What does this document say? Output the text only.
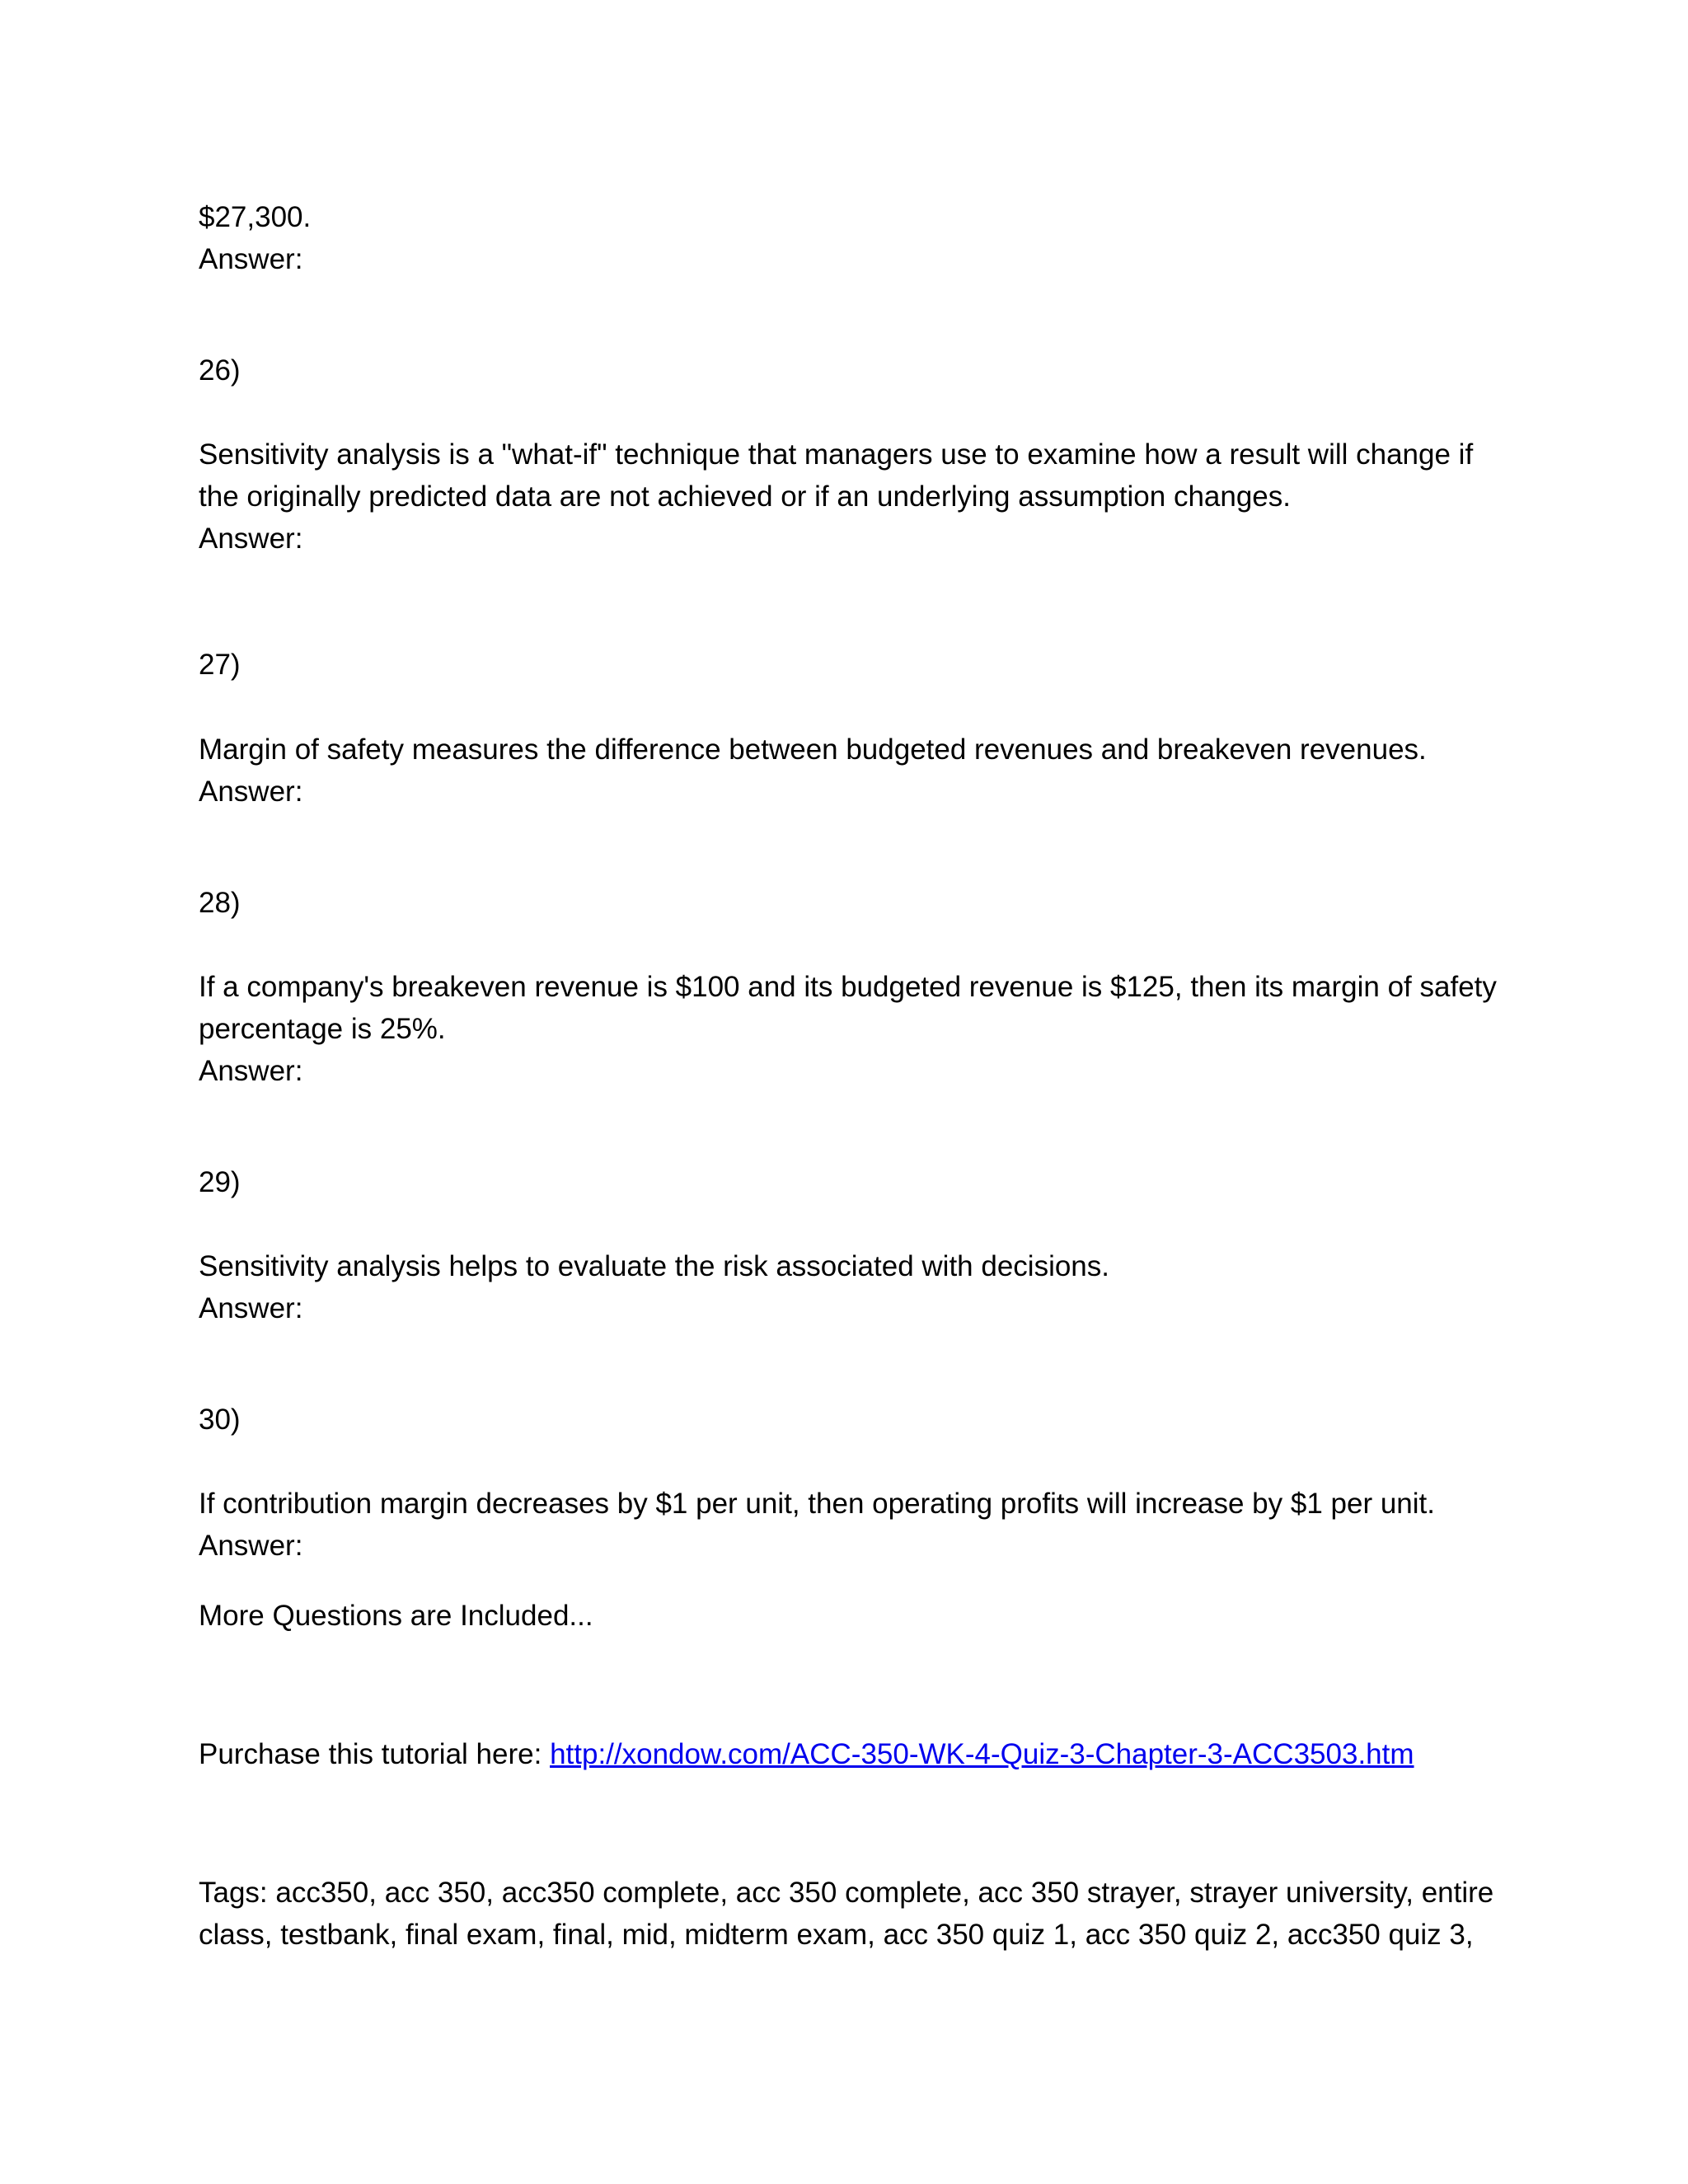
$27,300.

Answer:

26)

Sensitivity analysis is a "what-if" technique that managers use to examine how a result will change if the originally predicted data are not achieved or if an underlying assumption changes.

Answer:

27)

Margin of safety measures the difference between budgeted revenues and breakeven revenues.

Answer:

28)

If a company's breakeven revenue is $100 and its budgeted revenue is $125, then its margin of safety percentage is 25%.

Answer:

29)

Sensitivity analysis helps to evaluate the risk associated with decisions.

Answer:

30)

If contribution margin decreases by $1 per unit, then operating profits will increase by $1 per unit.

Answer:

More Questions are Included...

Purchase this tutorial here: http://xondow.com/ACC-350-WK-4-Quiz-3-Chapter-3-ACC3503.htm

Tags: acc350, acc 350, acc350 complete, acc 350 complete, acc 350 strayer, strayer university, entire class, testbank, final exam, final, mid, midterm exam, acc 350 quiz 1, acc 350 quiz 2, acc350 quiz 3,
